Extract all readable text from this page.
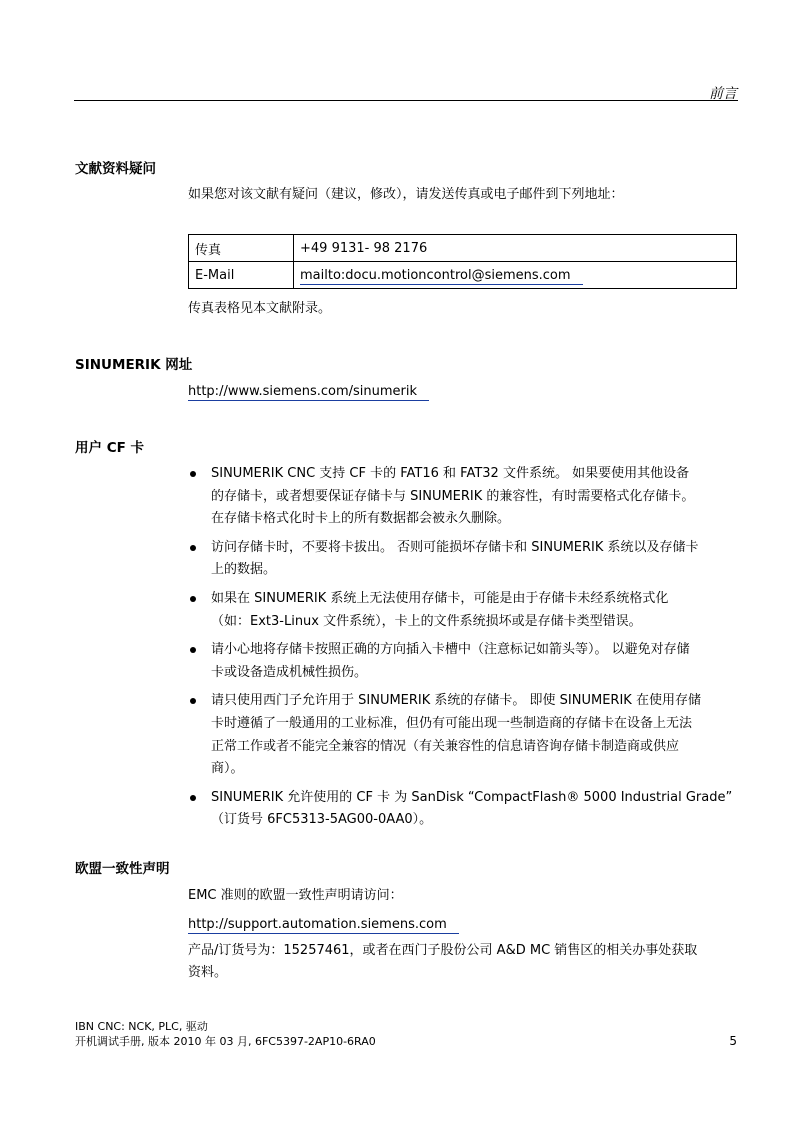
前言
文献资料疑问
如果您对该文献有疑问（建议，修改），请发送传真或电子邮件到下列地址：
传真	+49 9131- 98 2176
E-Mail	mailto:docu.motioncontrol@siemens.com
传真表格见本文献附录。
SINUMERIK 网址
http://www.siemens.com/sinumerik
用户 CF 卡
SINUMERIK CNC 支持 CF 卡的 FAT16 和 FAT32 文件系统。 如果要使用其他设备
的存储卡，或者想要保证存储卡与 SINUMERIK 的兼容性，有时需要格式化存储卡。
在存储卡格式化时卡上的所有数据都会被永久删除。
访问存储卡时，不要将卡拔出。 否则可能损坏存储卡和 SINUMERIK 系统以及存储卡
上的数据。
如果在 SINUMERIK 系统上无法使用存储卡，可能是由于存储卡未经系统格式化
（如：Ext3-Linux 文件系统），卡上的文件系统损坏或是存储卡类型错误。
请小心地将存储卡按照正确的方向插入卡槽中（注意标记如箭头等）。 以避免对存储
卡或设备造成机械性损伤。
请只使用西门子允许用于 SINUMERIK 系统的存储卡。 即使 SINUMERIK 在使用存储
卡时遵循了一般通用的工业标准，但仍有可能出现一些制造商的存储卡在设备上无法
正常工作或者不能完全兼容的情况（有关兼容性的信息请咨询存储卡制造商或供应
商）。
SINUMERIK 允许使用的 CF 卡 为 SanDisk “CompactFlash® 5000 Industrial Grade”
（订货号 6FC5313-5AG00-0AA0）。
欧盟一致性声明
EMC 准则的欧盟一致性声明请访问：
http://support.automation.siemens.com
产品/订货号为：15257461，或者在西门子股份公司 A&D MC 销售区的相关办事处获取
资料。
IBN CNC: NCK, PLC, 驱动
开机调试手册, 版本 2010 年 03 月, 6FC5397-2AP10-6RA0	5
